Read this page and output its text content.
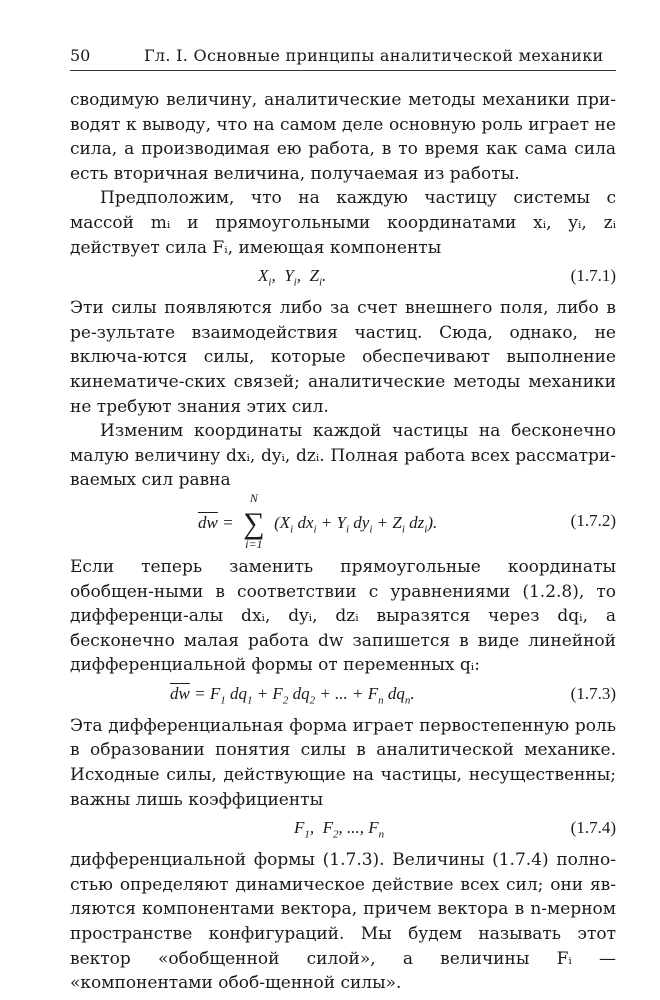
50	Гл. I. Основные принципы аналитической механики

сводимую величину, аналитические методы механики при-водят к выводу, что на самом деле основную роль играет не сила, а производимая ею работа, в то время как сама сила есть вторичная величина, получаемая из работы.

Предположим, что на каждую частицу системы с массой mᵢ и прямоугольными координатами xᵢ, yᵢ, zᵢ действует сила Fᵢ, имеющая компоненты

$X_i$,  $Y_i$,  $Z_i$.	(1.7.1)

Эти силы появляются либо за счет внешнего поля, либо в ре-зультате взаимодействия частиц. Сюда, однако, не включа-ются силы, которые обеспечивают выполнение кинематиче-ских связей; аналитические методы механики не требуют знания этих сил.

Изменим координаты каждой частицы на бесконечно малую величину dxᵢ, dyᵢ, dzᵢ. Полная работа всех рассматри-ваемых сил равна

$\overline{dw}$ =
N
∑
i=1
($X_i$ $dx_i + Y_i$ $dy_i + Z_i$ $dz_i$).	(1.7.2)

Если теперь заменить прямоугольные координаты обобщен-ными в соответствии с уравнениями (1.2.8), то дифференци-алы dxᵢ, dyᵢ, dzᵢ выразятся через dqᵢ, а бесконечно малая работа dw запишется в виде линейной дифференциальной формы от переменных qᵢ:

$\overline{dw} = F_1$ $dq_1 + F_2$ $dq_2$ + ... + $F_n$ $dq_n$.	(1.7.3)

Эта дифференциальная форма играет первостепенную роль в образовании понятия силы в аналитической механике. Исходные силы, действующие на частицы, несущественны; важны лишь коэффициенты

$F_1$,  $F_2$, ..., $F_n$	(1.7.4)

дифференциальной формы (1.7.3). Величины (1.7.4) полно-стью определяют динамическое действие всех сил; они яв-ляются компонентами вектора, причем вектора в n-мерном пространстве конфигураций. Мы будем называть этот вектор «обобщенной силой», а величины Fᵢ — «компонентами обоб-щенной силы».
